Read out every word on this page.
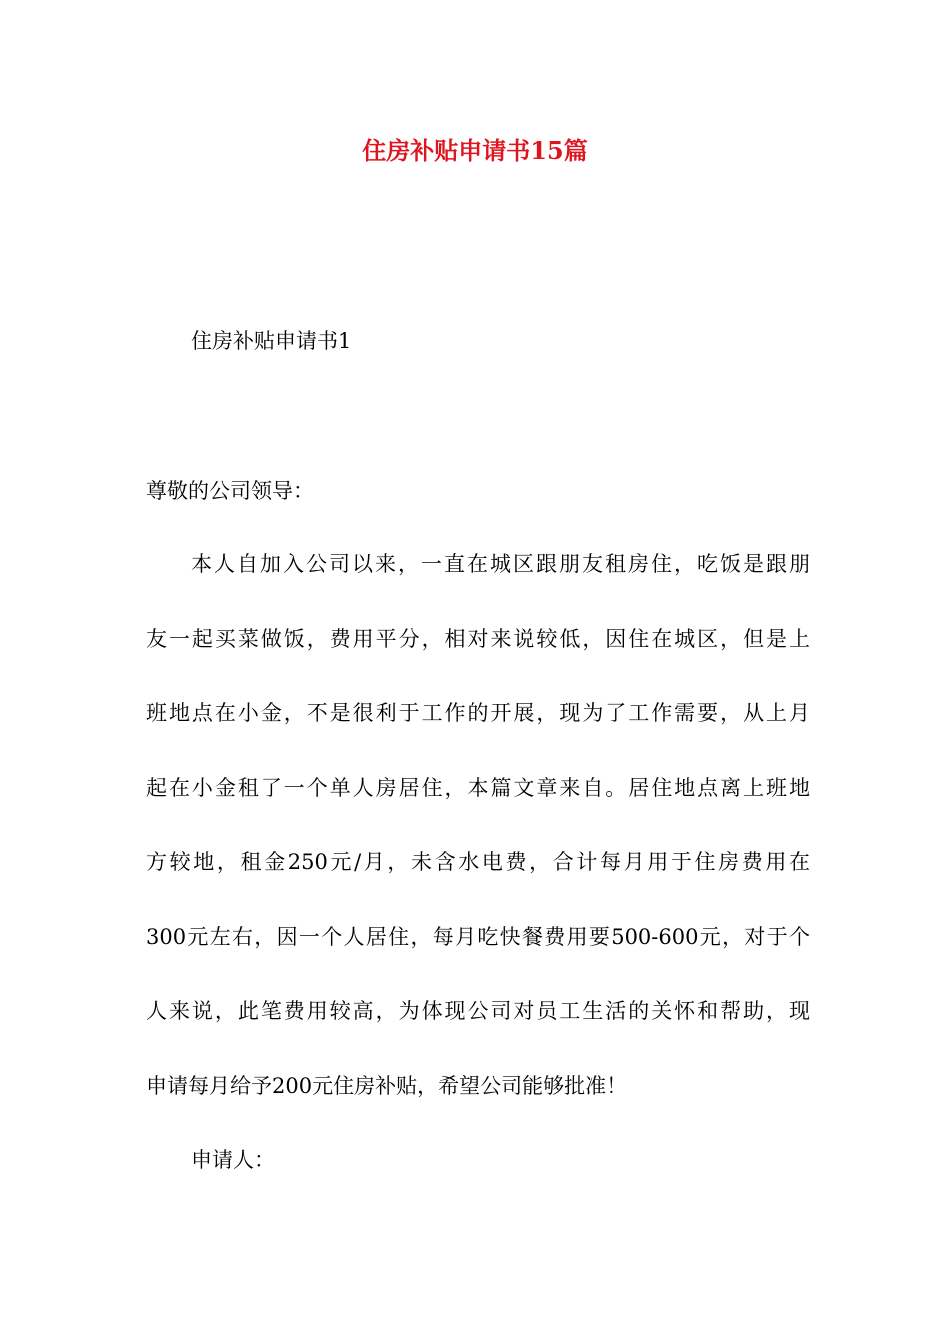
住房补贴申请书15篇
住房补贴申请书1
尊敬的公司领导：
本人自加入公司以来，一直在城区跟朋友租房住，吃饭是跟朋
友一起买菜做饭，费用平分，相对来说较低，因住在城区，但是上
班地点在小金，不是很利于工作的开展，现为了工作需要，从上月
起在小金租了一个单人房居住，本篇文章来自。居住地点离上班地
方较地，租金250元/月，未含水电费，合计每月用于住房费用在
300元左右，因一个人居住，每月吃快餐费用要500-600元，对于个
人来说，此笔费用较高，为体现公司对员工生活的关怀和帮助，现
申请每月给予200元住房补贴，希望公司能够批准！
申请人：
